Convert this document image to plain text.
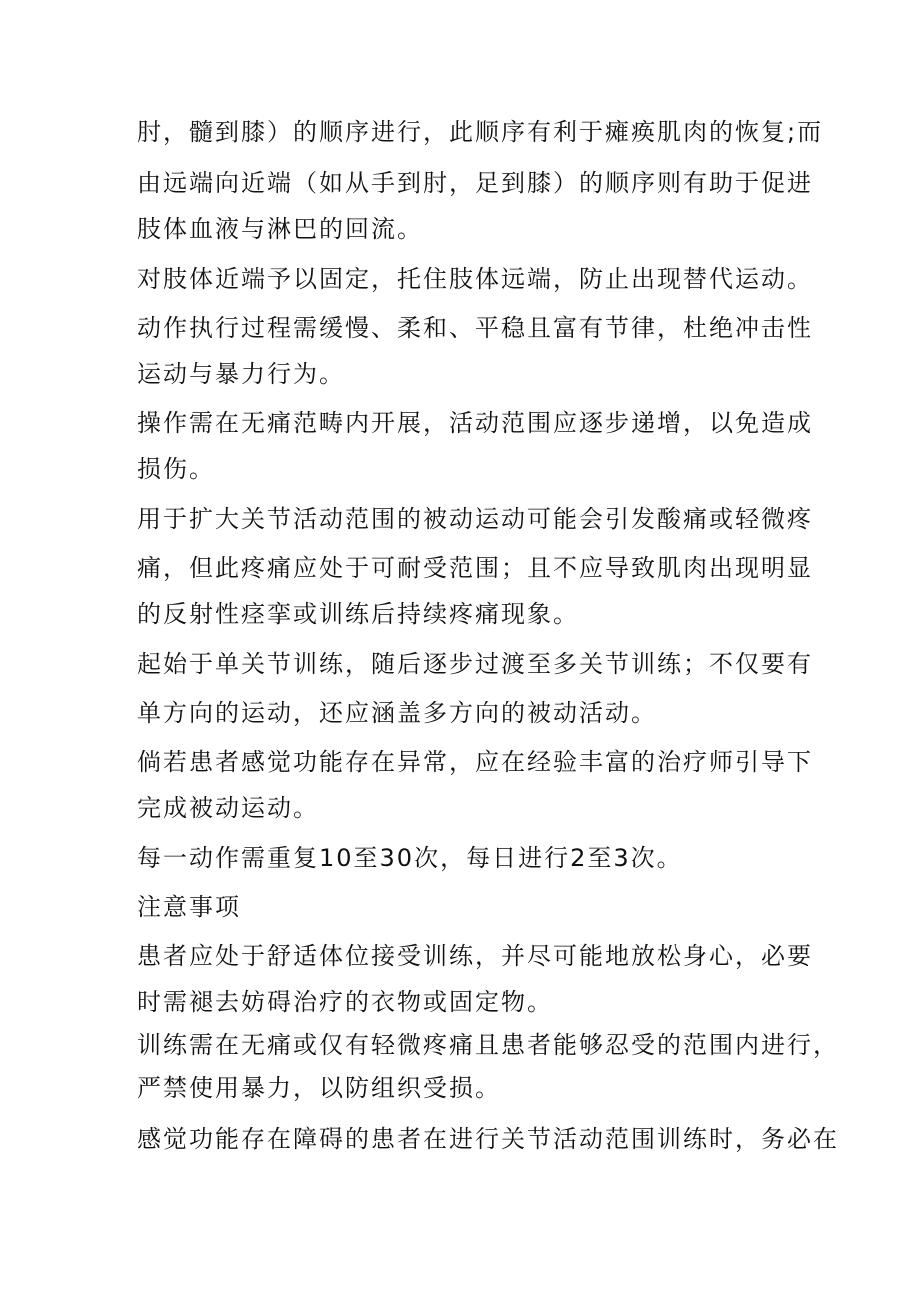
肘，髓到膝）的顺序进行，此顺序有利于瘫痪肌肉的恢复;而
由远端向近端（如从手到肘，足到膝）的顺序则有助于促进
肢体血液与淋巴的回流。
对肢体近端予以固定，托住肢体远端，防止出现替代运动。
动作执行过程需缓慢、柔和、平稳且富有节律，杜绝冲击性
运动与暴力行为。
操作需在无痛范畴内开展，活动范围应逐步递增，以免造成
损伤。
用于扩大关节活动范围的被动运动可能会引发酸痛或轻微疼
痛，但此疼痛应处于可耐受范围；且不应导致肌肉出现明显
的反射性痉挛或训练后持续疼痛现象。
起始于单关节训练，随后逐步过渡至多关节训练；不仅要有
单方向的运动，还应涵盖多方向的被动活动。
倘若患者感觉功能存在异常，应在经验丰富的治疗师引导下
完成被动运动。
每一动作需重复10至30次，每日进行2至3次。
注意事项
患者应处于舒适体位接受训练，并尽可能地放松身心，必要
时需褪去妨碍治疗的衣物或固定物。
训练需在无痛或仅有轻微疼痛且患者能够忍受的范围内进行，
严禁使用暴力，以防组织受损。
感觉功能存在障碍的患者在进行关节活动范围训练时，务必在
